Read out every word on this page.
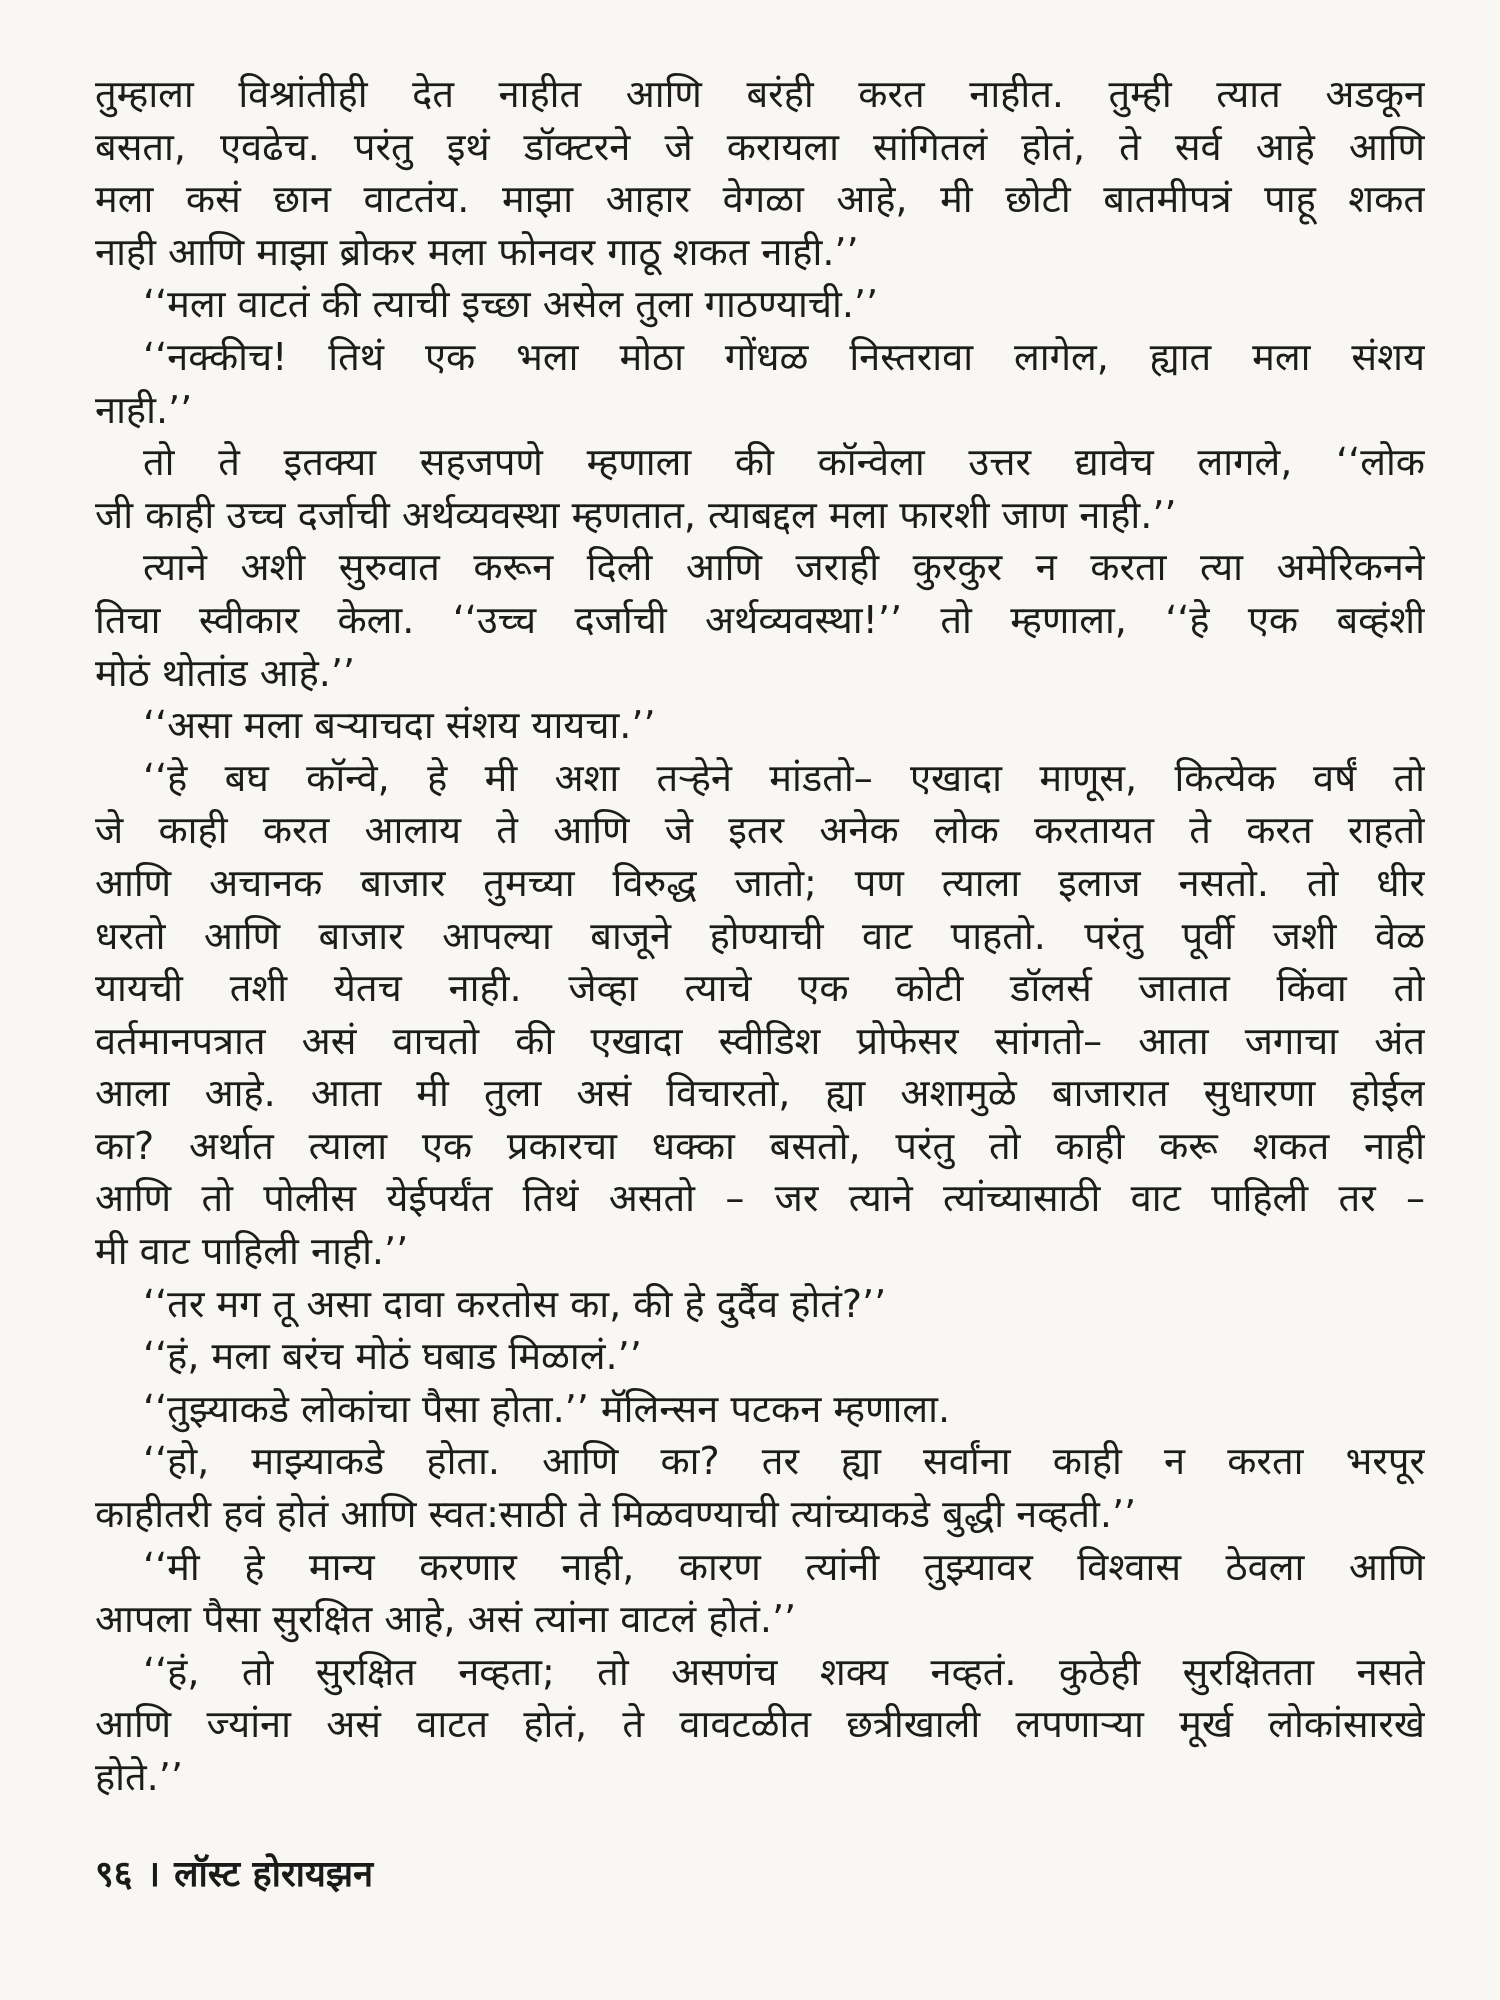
तुम्हाला विश्रांतीही देत नाहीत आणि बरंही करत नाहीत. तुम्ही त्यात अडकून
बसता, एवढेच. परंतु इथं डॉक्टरने जे करायला सांगितलं होतं, ते सर्व आहे आणि
मला कसं छान वाटतंय. माझा आहार वेगळा आहे, मी छोटी बातमीपत्रं पाहू शकत
नाही आणि माझा ब्रोकर मला फोनवर गाठू शकत नाही.’’
‘‘मला वाटतं की त्याची इच्छा असेल तुला गाठण्याची.’’
‘‘नक्कीच! तिथं एक भला मोठा गोंधळ निस्तरावा लागेल, ह्यात मला संशय
नाही.’’
तो ते इतक्या सहजपणे म्हणाला की कॉन्वेला उत्तर द्यावेच लागले, ‘‘लोक
जी काही उच्च दर्जाची अर्थव्यवस्था म्हणतात, त्याबद्दल मला फारशी जाण नाही.’’
त्याने अशी सुरुवात करून दिली आणि जराही कुरकुर न करता त्या अमेरिकनने
तिचा स्वीकार केला. ‘‘उच्च दर्जाची अर्थव्यवस्था!’’ तो म्हणाला, ‘‘हे एक बव्हंशी
मोठं थोतांड आहे.’’
‘‘असा मला बऱ्याचदा संशय यायचा.’’
‘‘हे बघ कॉन्वे, हे मी अशा तऱ्हेने मांडतो– एखादा माणूस, कित्येक वर्षं तो
जे काही करत आलाय ते आणि जे इतर अनेक लोक करतायत ते करत राहतो
आणि अचानक बाजार तुमच्या विरुद्ध जातो; पण त्याला इलाज नसतो. तो धीर
धरतो आणि बाजार आपल्या बाजूने होण्याची वाट पाहतो. परंतु पूर्वी जशी वेळ
यायची तशी येतच नाही. जेव्हा त्याचे एक कोटी डॉलर्स जातात किंवा तो
वर्तमानपत्रात असं वाचतो की एखादा स्वीडिश प्रोफेसर सांगतो– आता जगाचा अंत
आला आहे. आता मी तुला असं विचारतो, ह्या अशामुळे बाजारात सुधारणा होईल
का? अर्थात त्याला एक प्रकारचा धक्का बसतो, परंतु तो काही करू शकत नाही
आणि तो पोलीस येईपर्यंत तिथं असतो – जर त्याने त्यांच्यासाठी वाट पाहिली तर –
मी वाट पाहिली नाही.’’
‘‘तर मग तू असा दावा करतोस का, की हे दुर्दैव होतं?’’
‘‘हं, मला बरंच मोठं घबाड मिळालं.’’
‘‘तुझ्याकडे लोकांचा पैसा होता.’’ मॅलिन्सन पटकन म्हणाला.
‘‘हो, माझ्याकडे होता. आणि का? तर ह्या सर्वांना काही न करता भरपूर
काहीतरी हवं होतं आणि स्वत:साठी ते मिळवण्याची त्यांच्याकडे बुद्धी नव्हती.’’
‘‘मी हे मान्य करणार नाही, कारण त्यांनी तुझ्यावर विश्वास ठेवला आणि
आपला पैसा सुरक्षित आहे, असं त्यांना वाटलं होतं.’’
‘‘हं, तो सुरक्षित नव्हता; तो असणंच शक्य नव्हतं. कुठेही सुरक्षितता नसते
आणि ज्यांना असं वाटत होतं, ते वावटळीत छत्रीखाली लपणाऱ्या मूर्ख लोकांसारखे
होते.’’
९६ । लॉस्ट होरायझन
